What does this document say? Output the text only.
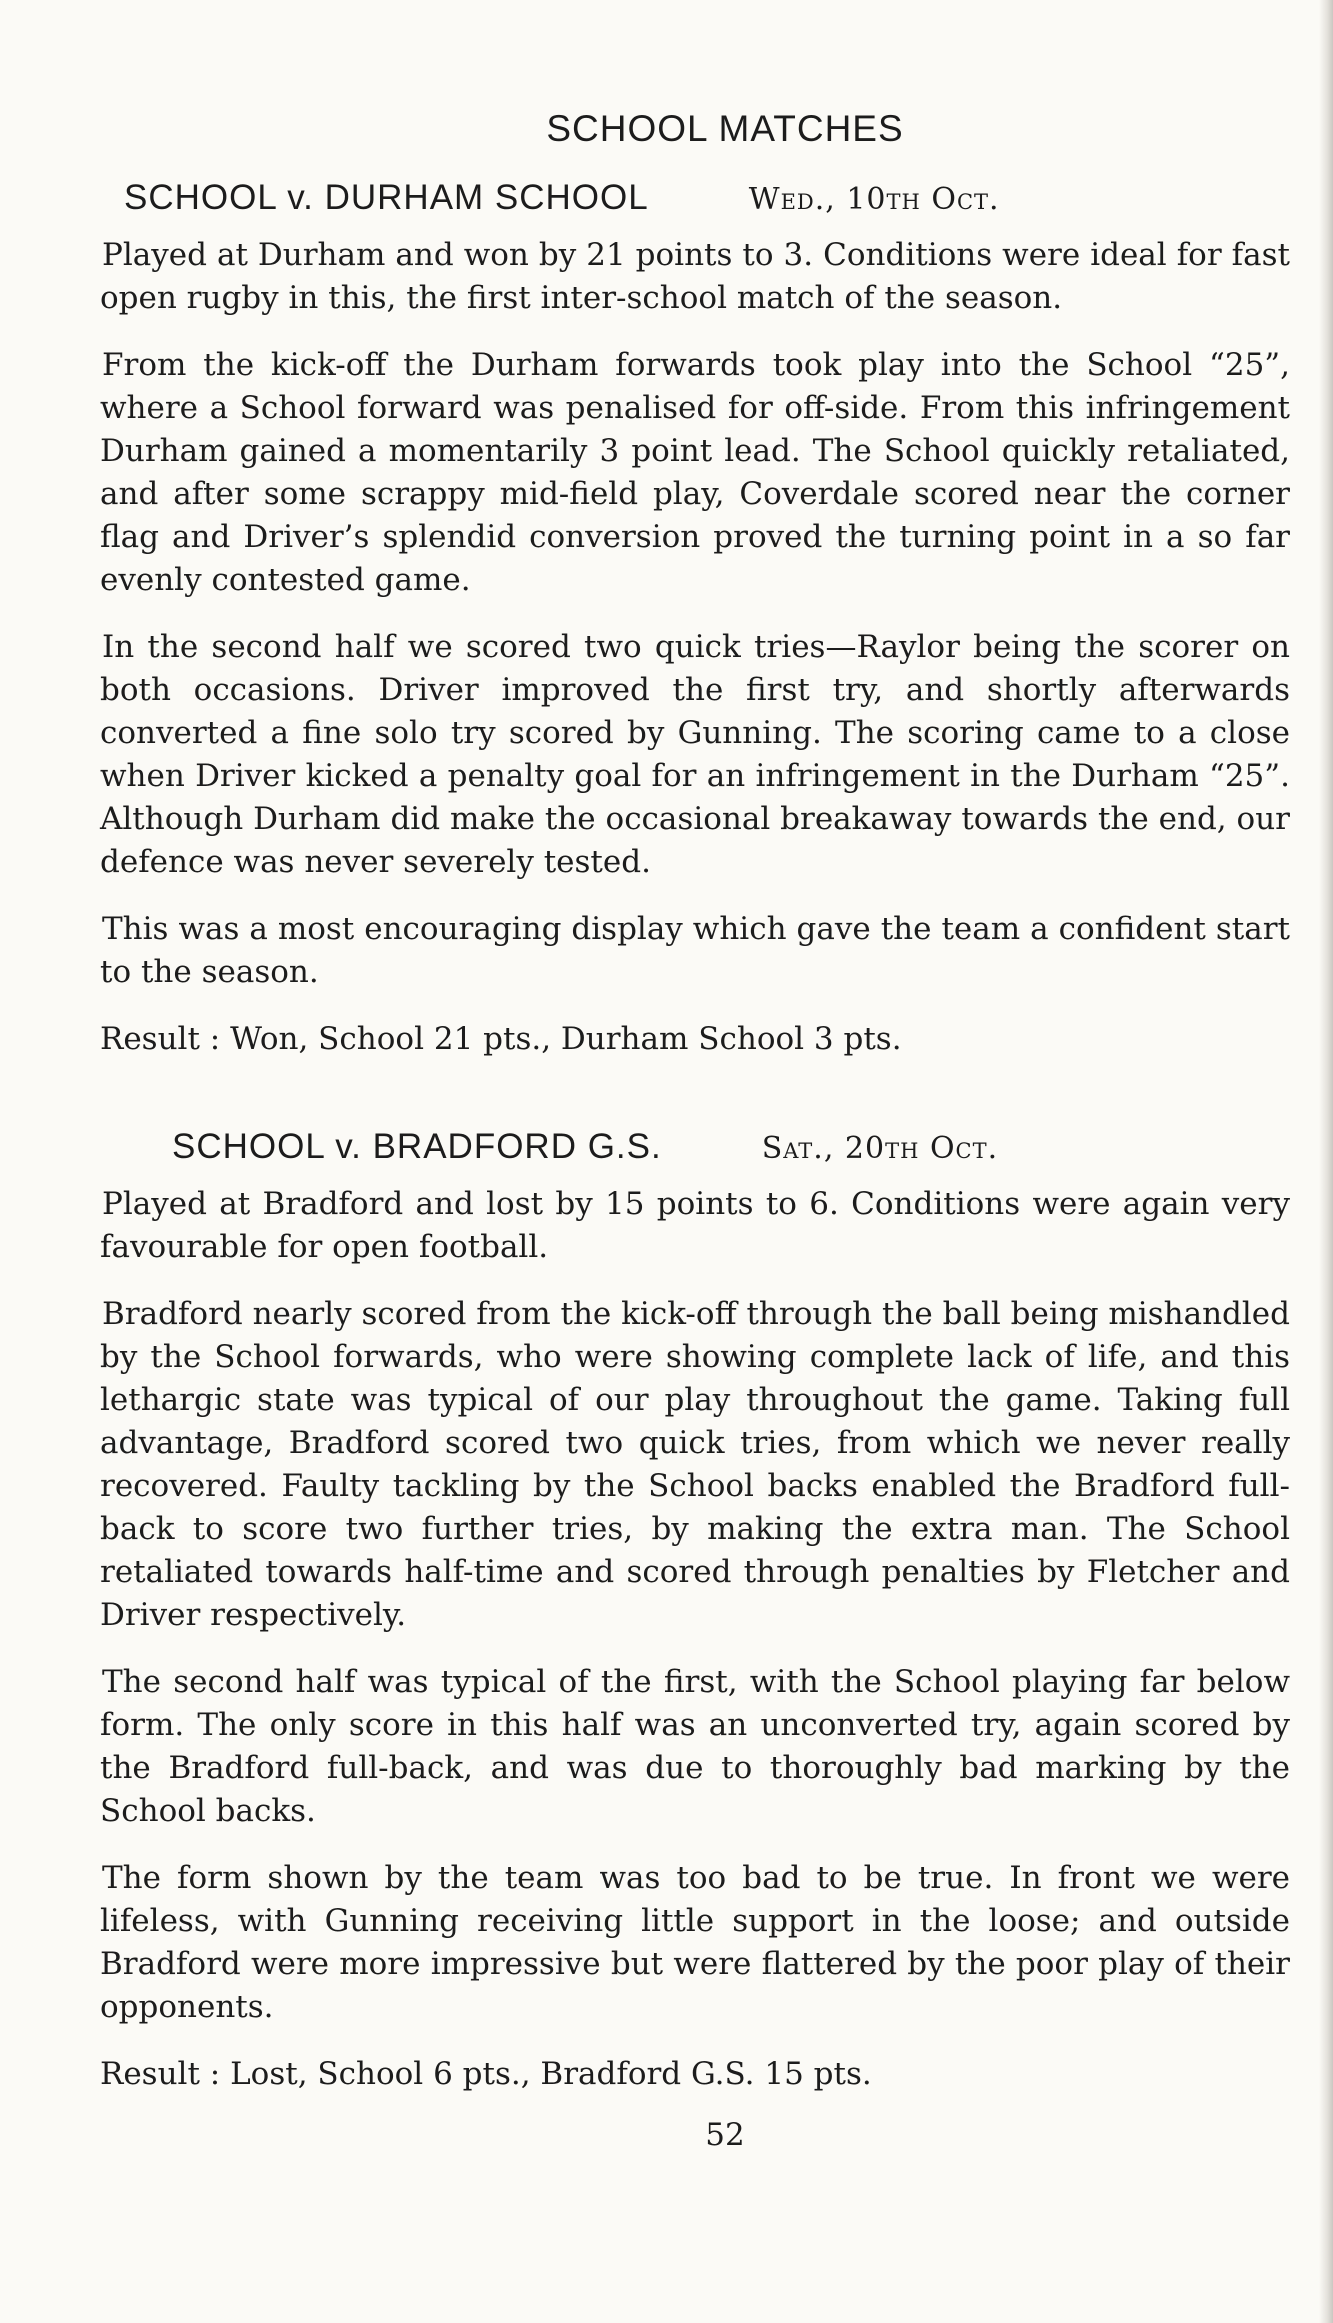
SCHOOL MATCHES
SCHOOL v. DURHAM SCHOOL	Wed., 10th Oct.

Played at Durham and won by 21 points to 3. Conditions were ideal for fast open rugby in this, the first inter-school match of the season.

From the kick-off the Durham forwards took play into the School “25”, where a School forward was penalised for off-side. From this infringement Durham gained a momentarily 3 point lead. The School quickly retaliated, and after some scrappy mid-field play, Coverdale scored near the corner flag and Driver’s splendid conversion proved the turning point in a so far evenly contested game.

In the second half we scored two quick tries—Raylor being the scorer on both occasions. Driver improved the first try, and shortly afterwards converted a fine solo try scored by Gunning. The scoring came to a close when Driver kicked a penalty goal for an infringement in the Durham “25”. Although Durham did make the occasional breakaway towards the end, our defence was never severely tested.

This was a most encouraging display which gave the team a confident start to the season.

Result : Won, School 21 pts., Durham School 3 pts.

SCHOOL v. BRADFORD G.S.	Sat., 20th Oct.

Played at Bradford and lost by 15 points to 6. Conditions were again very favourable for open football.

Bradford nearly scored from the kick-off through the ball being mishandled by the School forwards, who were showing complete lack of life, and this lethargic state was typical of our play throughout the game. Taking full advantage, Bradford scored two quick tries, from which we never really recovered. Faulty tackling by the School backs enabled the Bradford full-back to score two further tries, by making the extra man. The School retaliated towards half-time and scored through penalties by Fletcher and Driver respectively.

The second half was typical of the first, with the School playing far below form. The only score in this half was an unconverted try, again scored by the Bradford full-back, and was due to thoroughly bad marking by the School backs.

The form shown by the team was too bad to be true. In front we were lifeless, with Gunning receiving little support in the loose; and outside Bradford were more impressive but were flattered by the poor play of their opponents.

Result : Lost, School 6 pts., Bradford G.S. 15 pts.

52
